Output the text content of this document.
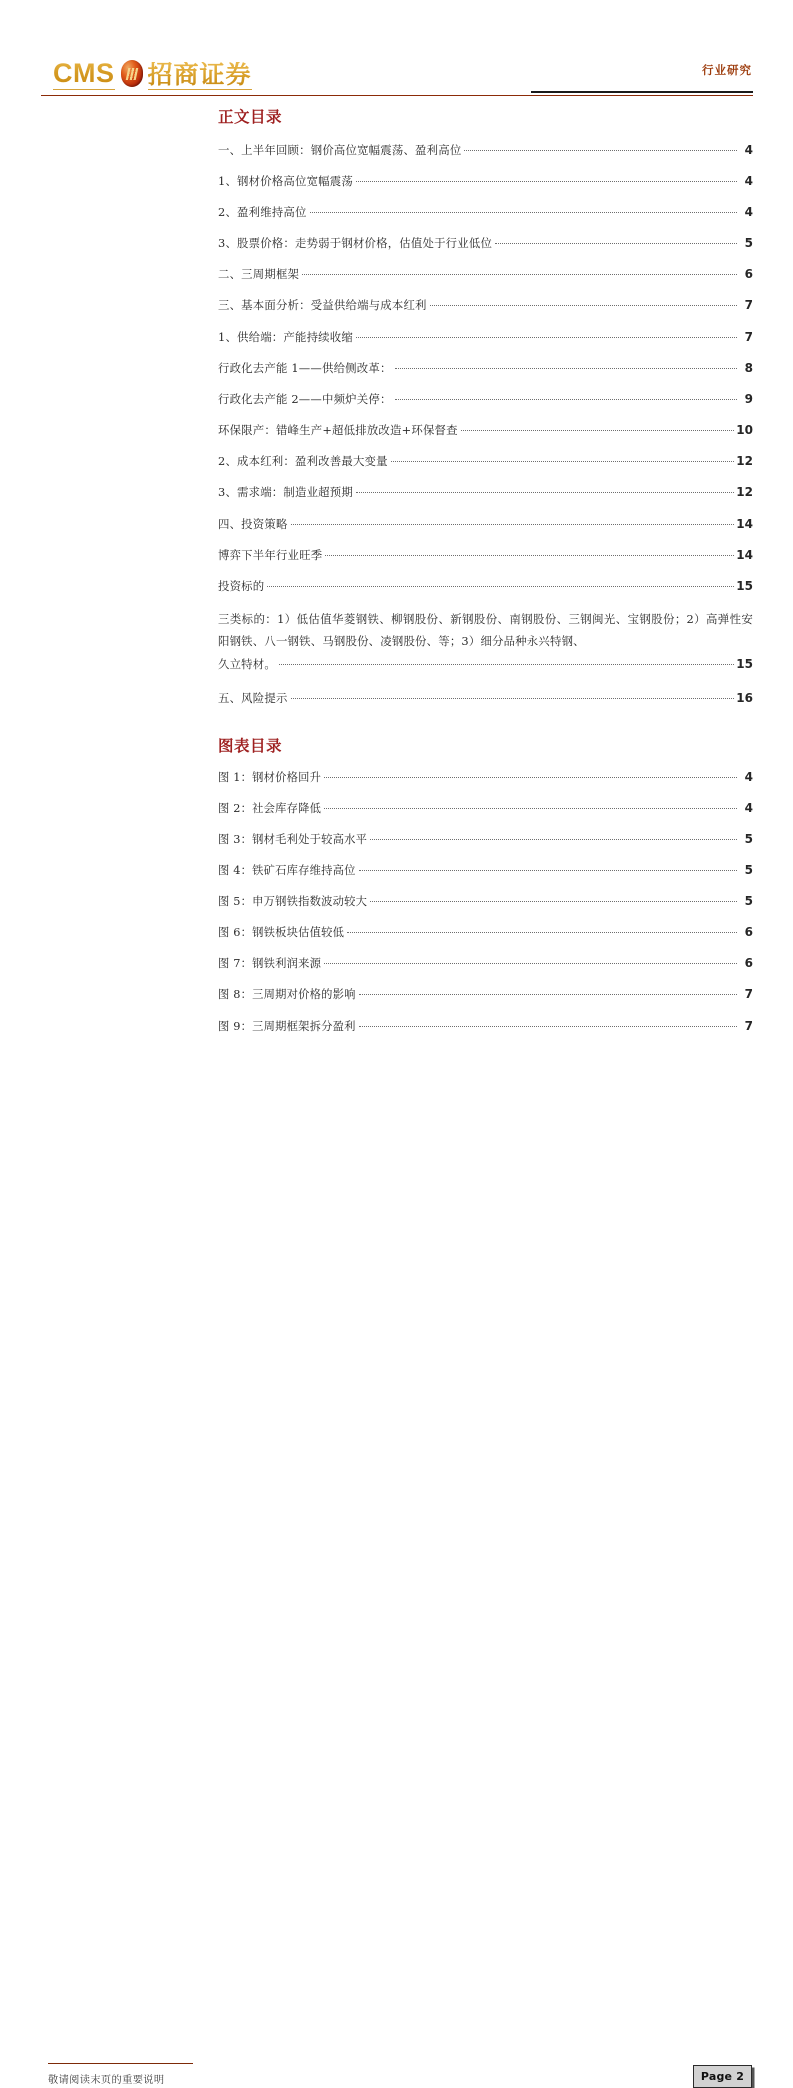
CMS 招商证券	行业研究
正文目录
一、上半年回顾：钢价高位宽幅震荡、盈利高位	4
1、钢材价格高位宽幅震荡	4
2、盈利维持高位	4
3、股票价格：走势弱于钢材价格，估值处于行业低位	5
二、三周期框架	6
三、基本面分析：受益供给端与成本红利	7
1、供给端：产能持续收缩	7
行政化去产能 1——供给侧改革：	8
行政化去产能 2——中频炉关停：	9
环保限产：错峰生产+超低排放改造+环保督查	10
2、成本红利：盈利改善最大变量	12
3、需求端：制造业超预期	12
四、投资策略	14
博弈下半年行业旺季	14
投资标的	15
三类标的：1）低估值华菱钢铁、柳钢股份、新钢股份、南钢股份、三钢闽光、宝钢股份；2）高弹性安阳钢铁、八一钢铁、马钢股份、凌钢股份、等；3）细分品种永兴特钢、
久立特材。	15
五、风险提示	16
图表目录
图 1：钢材价格回升	4
图 2：社会库存降低	4
图 3：钢材毛利处于较高水平	5
图 4：铁矿石库存维持高位	5
图 5：申万钢铁指数波动较大	5
图 6：钢铁板块估值较低	6
图 7：钢铁利润来源	6
图 8：三周期对价格的影响	7
图 9：三周期框架拆分盈利	7
敬请阅读末页的重要说明	Page 2
